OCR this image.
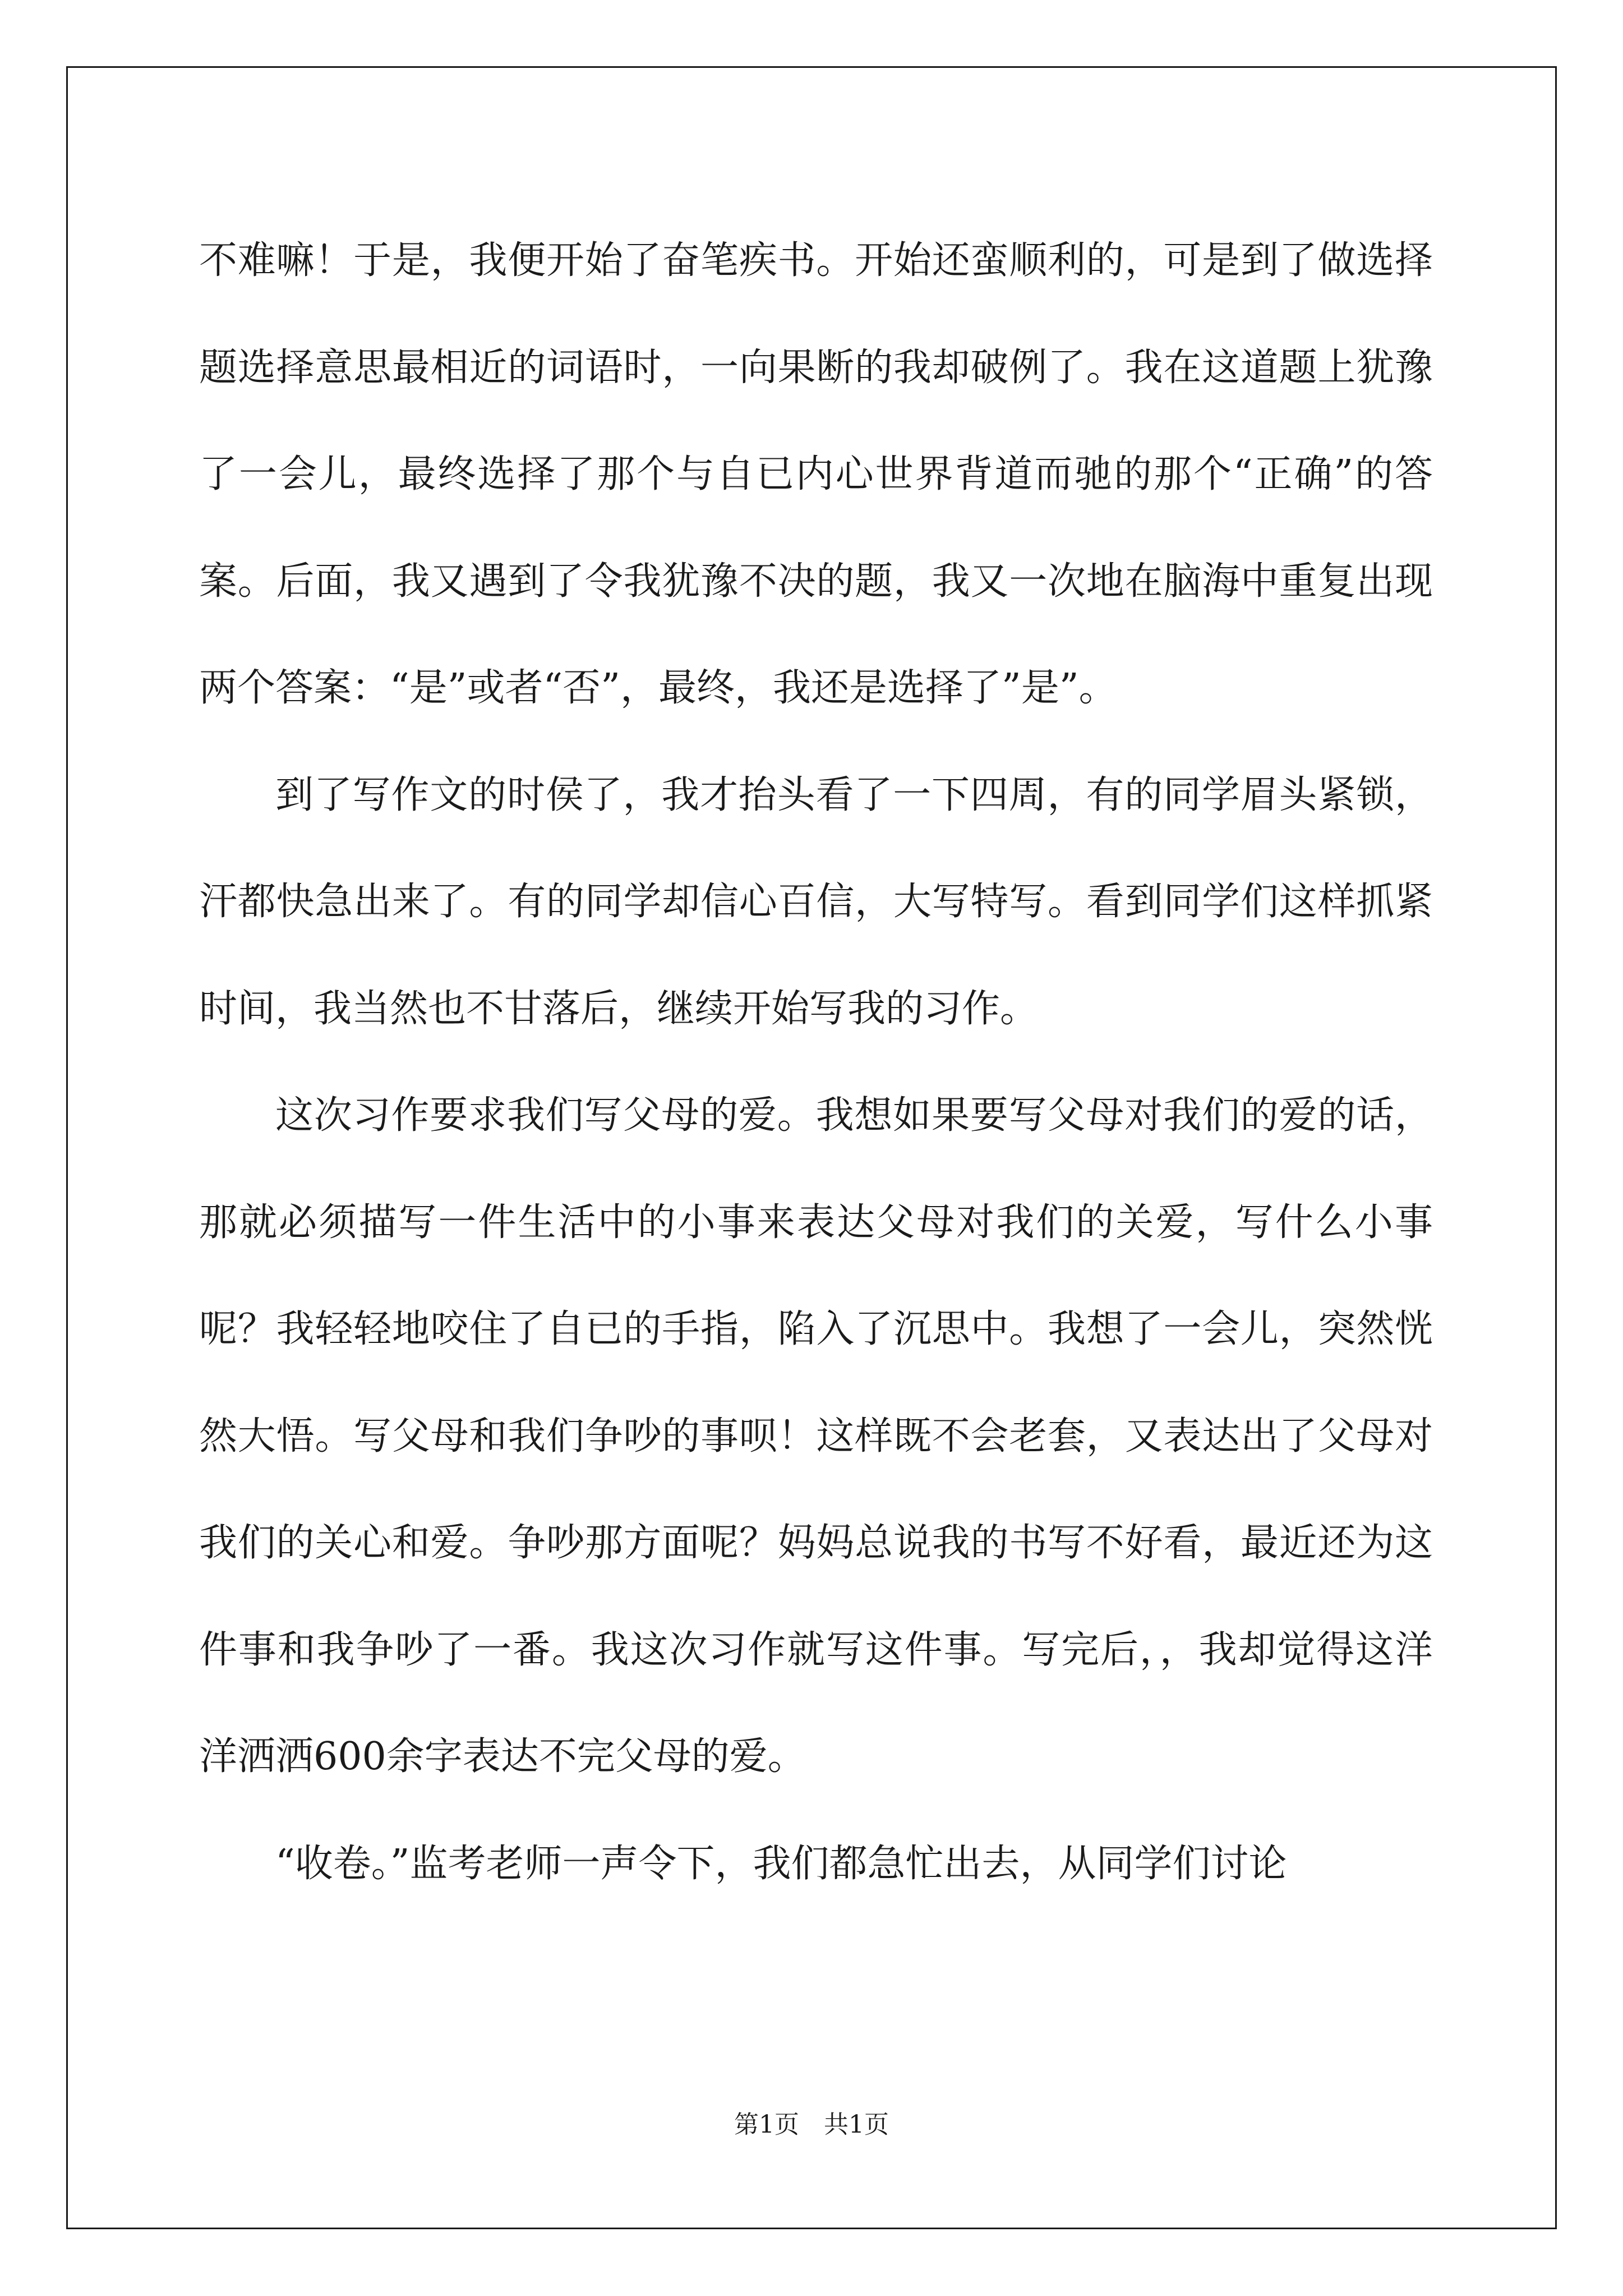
不难嘛！于是，我便开始了奋笔疾书。开始还蛮顺利的，可是到了做选择题选择意思最相近的词语时，一向果断的我却破例了。我在这道题上犹豫了一会儿，最终选择了那个与自已内心世界背道而驰的那个“正确”的答案。后面，我又遇到了令我犹豫不决的题，我又一次地在脑海中重复出现两个答案：“是”或者“否”，最终，我还是选择了”是”。

到了写作文的时侯了，我才抬头看了一下四周，有的同学眉头紧锁，汗都快急出来了。有的同学却信心百信，大写特写。看到同学们这样抓紧时间，我当然也不甘落后，继续开始写我的习作。

这次习作要求我们写父母的爱。我想如果要写父母对我们的爱的话，那就必须描写一件生活中的小事来表达父母对我们的关爱，写什么小事呢？我轻轻地咬住了自已的手指，陷入了沉思中。我想了一会儿，突然恍然大悟。写父母和我们争吵的事呗！这样既不会老套，又表达出了父母对我们的关心和爱。争吵那方面呢？妈妈总说我的书写不好看，最近还为这件事和我争吵了一番。我这次习作就写这件事。写完后，，我却觉得这洋洋洒洒600余字表达不完父母的爱。

“收卷。”监考老师一声令下，我们都急忙出去，从同学们讨论

第1页 共1页
